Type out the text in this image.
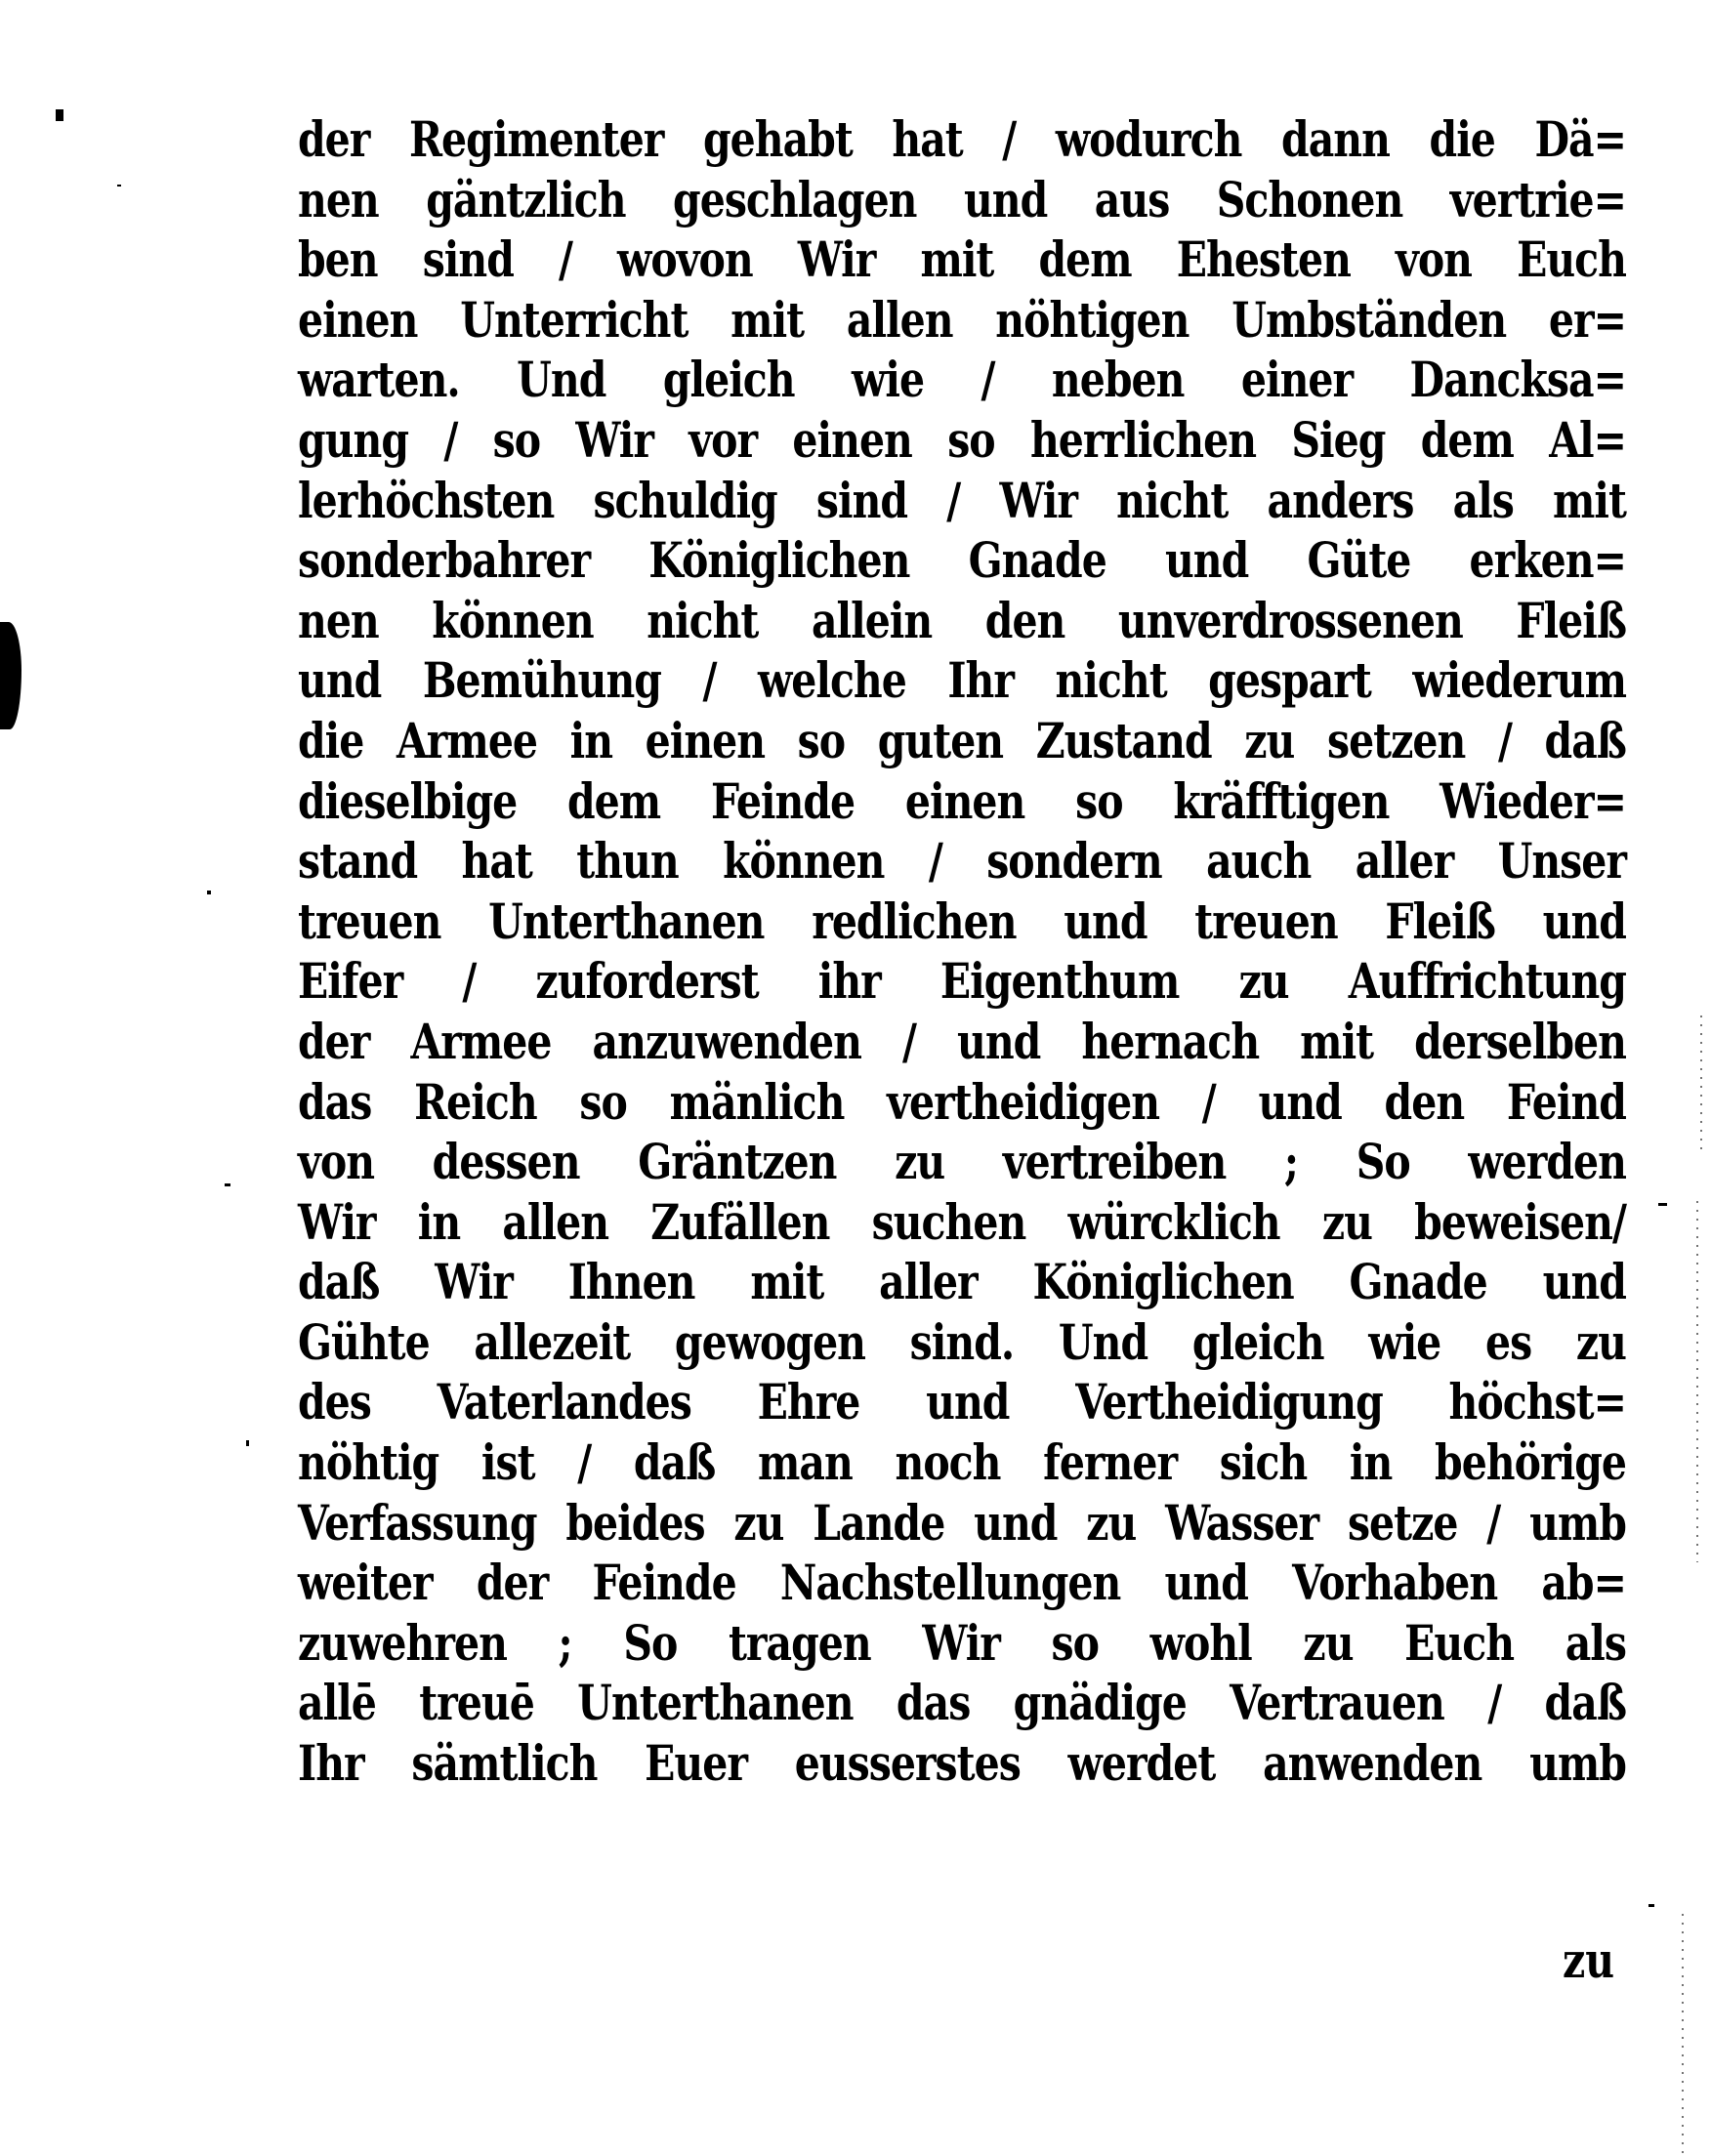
der Regimenter gehabt hat / wodurch dann die Dä=
nen gäntzlich geschlagen und aus Schonen vertrie=
ben sind / wovon Wir mit dem Ehesten von Euch
einen Unterricht mit allen nöhtigen Umbständen er=
warten. Und gleich wie / neben einer Dancksa=
gung / so Wir vor einen so herrlichen Sieg dem Al=
lerhöchsten schuldig sind / Wir nicht anders als mit
sonderbahrer Königlichen Gnade und Güte erken=
nen können nicht allein den unverdrossenen Fleiß
und Bemühung / welche Ihr nicht gespart wiederum
die Armee in einen so guten Zustand zu setzen / daß
dieselbige dem Feinde einen so kräfftigen Wieder=
stand hat thun können / sondern auch aller Unser
treuen Unterthanen redlichen und treuen Fleiß und
Eifer / zuforderst ihr Eigenthum zu Auffrichtung
der Armee anzuwenden / und hernach mit derselben
das Reich so mänlich vertheidigen / und den Feind
von dessen Gräntzen zu vertreiben ; So werden
Wir in allen Zufällen suchen würcklich zu beweisen/
daß Wir Ihnen mit aller Königlichen Gnade und
Gühte allezeit gewogen sind. Und gleich wie es zu
des Vaterlandes Ehre und Vertheidigung höchst=
nöhtig ist / daß man noch ferner sich in behörige
Verfassung beides zu Lande und zu Wasser setze / umb
weiter der Feinde Nachstellungen und Vorhaben ab=
zuwehren ; So tragen Wir so wohl zu Euch als
allē treuē Unterthanen das gnädige Vertrauen / daß
Ihr sämtlich Euer eusserstes werdet anwenden umb
zu
